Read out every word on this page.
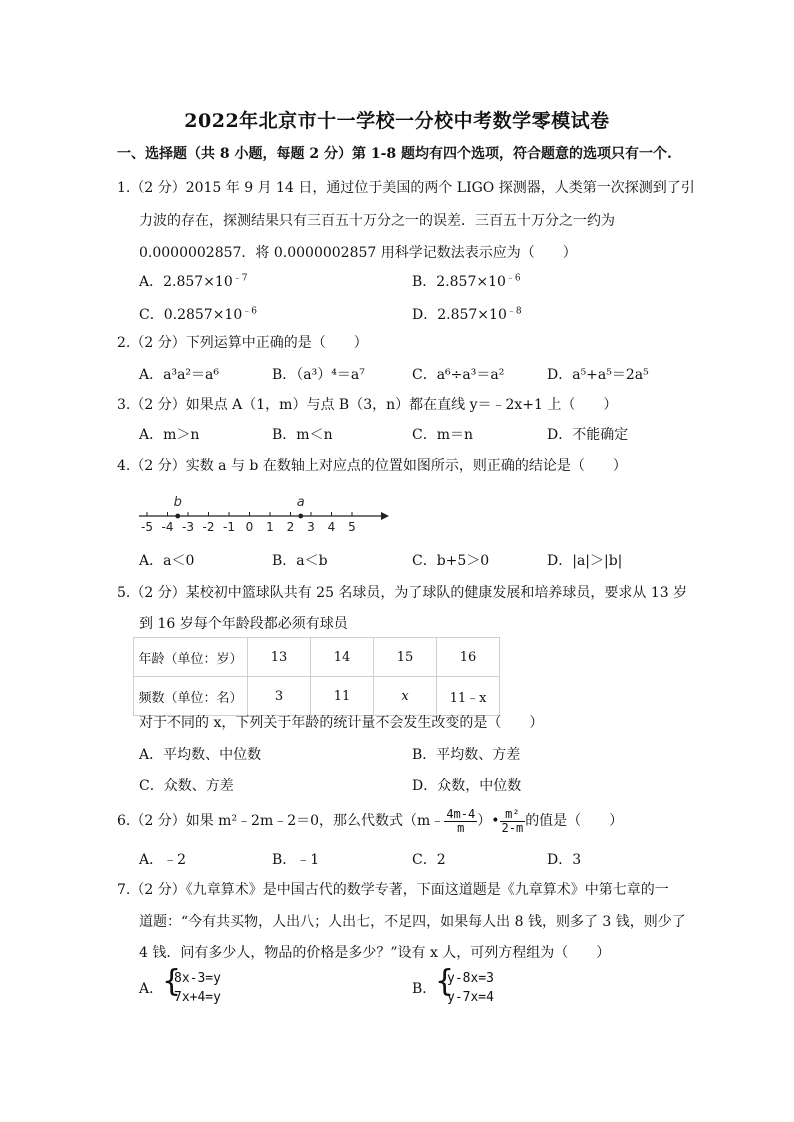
2022年北京市十一学校一分校中考数学零模试卷
一、选择题（共 8 小题，每题 2 分）第 1-8 题均有四个选项，符合题意的选项只有一个.
1.（2 分）2015 年 9 月 14 日，通过位于美国的两个 LIGO 探测器，人类第一次探测到了引
力波的存在，探测结果只有三百五十万分之一的误差．三百五十万分之一约为
0.0000002857．将 0.0000002857 用科学记数法表示应为（　　）
A．$2.857\times 10^{﹣7}$	B．$2.857\times 10^{﹣6}$
C．$0.2857\times 10^{﹣6}$	D．$2.857\times 10^{﹣8}$
2.（2 分）下列运算中正确的是（　　）
A．a³a²＝a⁶	B．（a³）⁴＝a⁷	C．a⁶÷a³＝a²	D．a⁵+a⁵＝2a⁵
3.（2 分）如果点 A（1，m）与点 B（3，n）都在直线 y＝﹣2x+1 上（　　）
A．m＞n	B．m＜n	C．m＝n	D．不能确定
4.（2 分）实数 a 与 b 在数轴上对应点的位置如图所示，则正确的结论是（　　）
-5 -4 -3 -2 -1 0 1 2 3 4 5
b	a
A．a＜0	B．a＜b	C．b+5＞0	D．|a|＞|b|
5.（2 分）某校初中篮球队共有 25 名球员，为了球队的健康发展和培养球员，要求从 13 岁
到 16 岁每个年龄段都必须有球员
年龄（单位：岁）	13	14	15	16
频数（单位：名）	3	11	x	11﹣x
对于不同的 x，下列关于年龄的统计量不会发生改变的是（　　）
A．平均数、中位数	B．平均数、方差
C．众数、方差	D．众数，中位数
6.（2 分）如果 m²﹣2m﹣2＝0，那么代数式（m﹣ $\frac{4m-4}{m}$ ）• $\frac{\text{m²}}{2-m}$ 的值是（　　）
A．﹣2	B．﹣1	C．2	D．3
7.（2 分）《九章算术》是中国古代的数学专著，下面这道题是《九章算术》中第七章的一
道题：“今有共买物，人出八；人出七，不足四，如果每人出 8 钱，则多了 3 钱，则少了
4 钱．问有多少人，物品的价格是多少？”设有 x 人，可列方程组为（　　）
A．
{
8x-3=y
7x+4=y
B．
{
y-8x=3
y-7x=4
